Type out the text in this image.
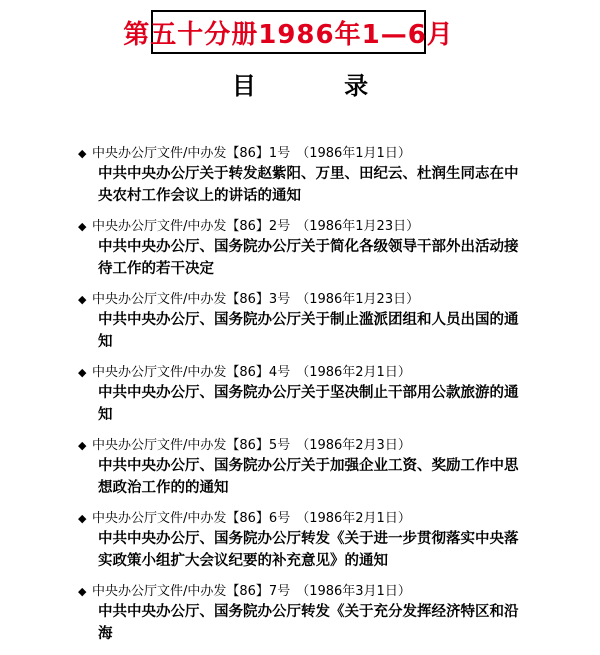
第五十分册1986年1—6月
目 录
◆ 中央办公厅文件/中办发【86】1号 （1986年1月1日）
中共中央办公厅关于转发赵紫阳、万里、田纪云、杜润生同志在中央农村工作会议上的讲话的通知
◆ 中央办公厅文件/中办发【86】2号 （1986年1月23日）
中共中央办公厅、国务院办公厅关于简化各级领导干部外出活动接待工作的若干决定
◆ 中央办公厅文件/中办发【86】3号 （1986年1月23日）
中共中央办公厅、国务院办公厅关于制止滥派团组和人员出国的通知
◆ 中央办公厅文件/中办发【86】4号 （1986年2月1日）
中共中央办公厅、国务院办公厅关于坚决制止干部用公款旅游的通知
◆ 中央办公厅文件/中办发【86】5号 （1986年2月3日）
中共中央办公厅、国务院办公厅关于加强企业工资、奖励工作中思想政治工作的的通知
◆ 中央办公厅文件/中办发【86】6号 （1986年2月1日）
中共中央办公厅、国务院办公厅转发《关于进一步贯彻落实中央落实政策小组扩大会议纪要的补充意见》的通知
◆ 中央办公厅文件/中办发【86】7号 （1986年3月1日）
中共中央办公厅、国务院办公厅转发《关于充分发挥经济特区和沿海
